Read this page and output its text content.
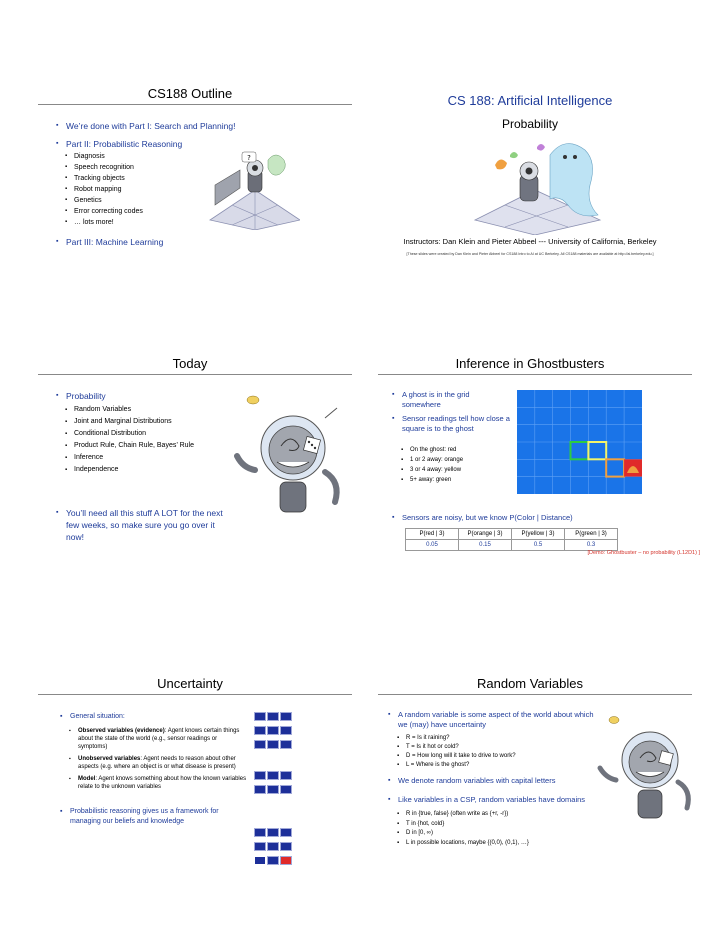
CS188 Outline
▪ We’re done with Part I: Search and Planning!
▪ Part II: Probabilistic Reasoning
▪ Diagnosis
▪ Speech recognition
▪ Tracking objects
▪ Robot mapping
▪ Genetics
▪ Error correcting codes
▪ … lots more!
?
▪ Part III: Machine Learning
CS 188: Artificial Intelligence
Probability
Instructors: Dan Klein and Pieter Abbeel --- University of California, Berkeley
[These slides were created by Dan Klein and Pieter Abbeel for CS188 Intro to AI at UC Berkeley. All CS188 materials are available at http://ai.berkeley.edu.]
Today
▪ Probability
▪ Random Variables
▪ Joint and Marginal Distributions
▪ Conditional Distribution
▪ Product Rule, Chain Rule, Bayes’ Rule
▪ Inference
▪ Independence
▪ You’ll need all this stuff A LOT for the next few weeks, so make sure you go over it now!
Inference in Ghostbusters
▪ A ghost is in the grid somewhere
▪ Sensor readings tell how close a square is to the ghost
▪ On the ghost: red
▪ 1 or 2 away: orange
▪ 3 or 4 away: yellow
▪ 5+ away: green
▪ Sensors are noisy, but we know P(Color | Distance)
P(red | 3)	P(orange | 3)	P(yellow | 3)	P(green | 3)
0.05	0.15	0.5	0.3
[Demo: Ghostbuster – no probability (L12D1) ]
Uncertainty
▪ General situation:
▪ Observed variables (evidence): Agent knows certain things about the state of the world (e.g., sensor readings or symptoms)
▪ Unobserved variables: Agent needs to reason about other aspects (e.g. where an object is or what disease is present)
▪ Model: Agent knows something about how the known variables relate to the unknown variables
▪ Probabilistic reasoning gives us a framework for managing our beliefs and knowledge
Random Variables
▪ A random variable is some aspect of the world about which we (may) have uncertainty
▪ R = Is it raining?
▪ T = Is it hot or cold?
▪ D = How long will it take to drive to work?
▪ L = Where is the ghost?
▪ We denote random variables with capital letters
▪ Like variables in a CSP, random variables have domains
▪ R in {true, false} (often write as {+r, -r})
▪ T in {hot, cold}
▪ D in [0, ∞)
▪ L in possible locations, maybe {(0,0), (0,1), …}
